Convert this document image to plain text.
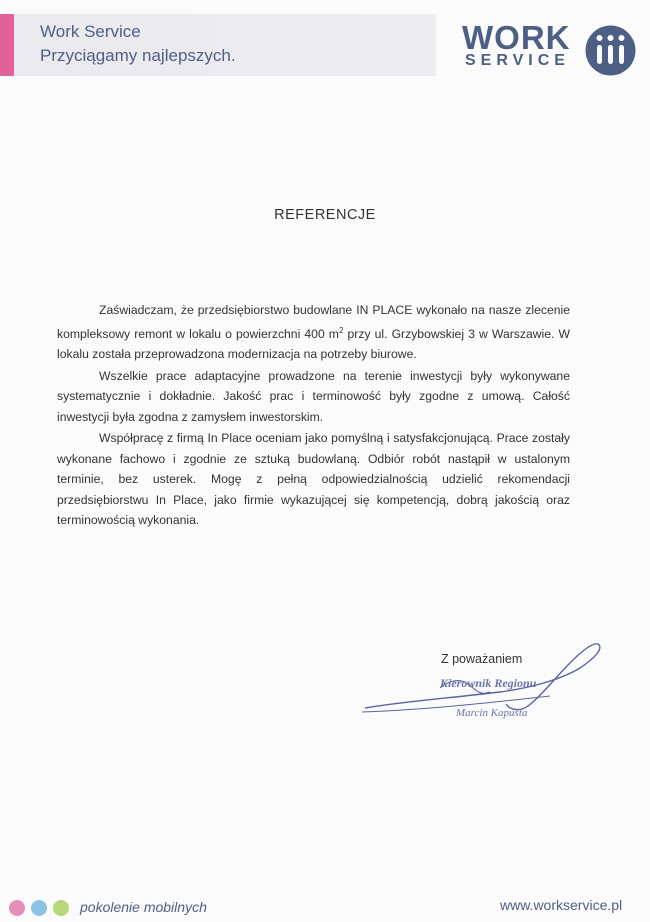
Work Service
Przyciągamy najlepszych.	WORK
SERVICE
REFERENCJE

Zaświadczam, że przedsiębiorstwo budowlane IN PLACE wykonało na nasze zlecenie kompleksowy remont w lokalu o powierzchni 400 $m^2$ przy ul. Grzybowskiej 3 w Warszawie. W lokalu została przeprowadzona modernizacja na potrzeby biurowe.

Wszelkie prace adaptacyjne prowadzone na terenie inwestycji były wykonywane systematycznie i dokładnie. Jakość prac i terminowość były zgodne z umową. Całość inwestycji była zgodna z zamysłem inwestorskim.

Współpracę z firmą In Place oceniam jako pomyślną i satysfakcjonującą. Prace zostały wykonane fachowo i zgodnie ze sztuką budowlaną. Odbiór robót nastąpił w ustalonym terminie, bez usterek. Mogę z pełną odpowiedzialnością udzielić rekomendacji przedsiębiorstwu In Place, jako firmie wykazującej się kompetencją, dobrą jakością oraz terminowością wykonania.

Z poważaniem
Kierownik Regionu
Marcin Kapusta
pokolenie mobilnych	www.workservice.pl
